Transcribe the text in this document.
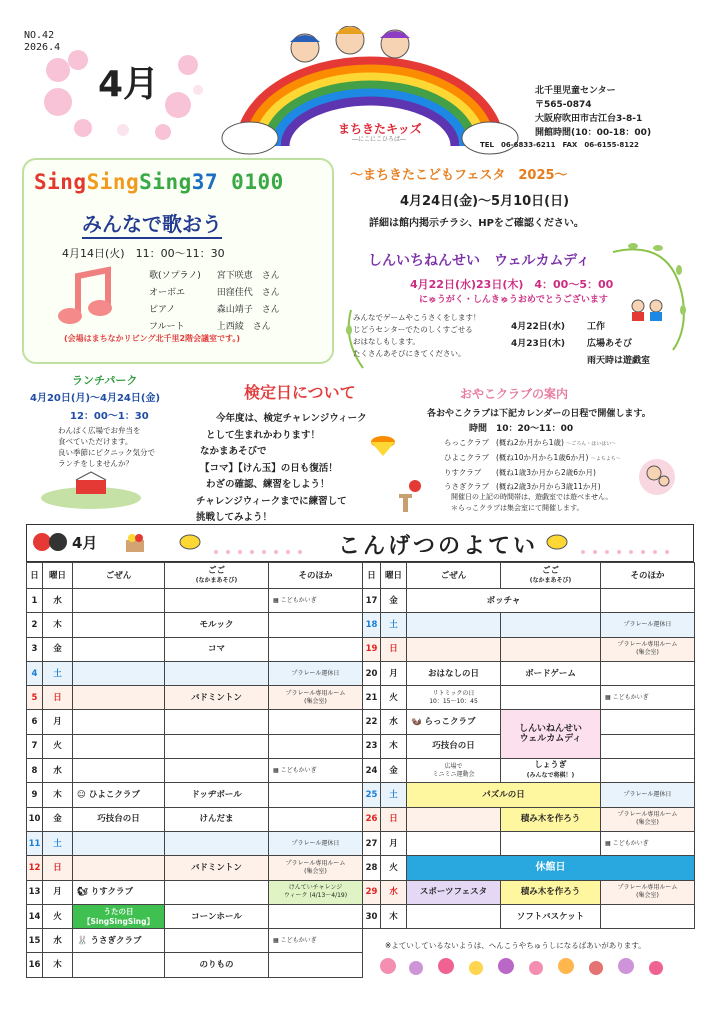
NO.42
2026.4
4月
まちきたキッズ
―にこにこひろば―
北千里児童センター
〒565-0874
大阪府吹田市古江台3-8-1
開館時間(10：00-18：00)
TEL　06-6833-6211　FAX　06-6155-8122
SingSingSing37 0100
みんなで歌おう
4月14日(火)　11：00～11：30
歌(ソプラノ)	宮下咲恵　さん
オーボエ	田窪佳代　さん
ピアノ	森山靖子　さん
フルート	上西綾　さん
(会場はまちなかリビング北千里2階会議室です。)
～まちきたこどもフェスタ　2025～
4月24日(金)～5月10日(日)
詳細は館内掲示チラシ、HPをご確認ください。
しんいちねんせい　ウェルカムディ
4月22日(水)23日(木)　4：00～5：00
にゅうがく・しんきゅうおめでとうございます
みんなでゲームやこうさくをします！
じどうセンターでたのしくすごせる
おはなしもします。
たくさんあそびにきてください。
4月22日(水) 工作
4月23日(木) 広場あそび
雨天時は遊戯室
ランチパーク
4月20日(月)～4月24日(金)
12：00～1：30
わんぱく広場でお弁当を
食べていただけます。
良い季節にピクニック気分で
ランチをしませんか？
検定日について
今年度は、検定チャレンジウィーク
として生まれかわります！
なかまあそびで
【コマ】【けん玉】の日も復活！
わざの確認、練習をしよう！
チャレンジウィークまでに練習して
挑戦してみよう！
おやこクラブの案内
各おやこクラブは下記カレンダーの日程で開催します。
時間　10：20～11：00
らっこクラブ (概ね2か月から1歳) ～ごろん・はいはい～
ひよこクラブ (概ね10か月から1歳6か月) ～よちよち～
りすクラブ (概ね1歳3か月から2歳6か月)
うさぎクラブ (概ね2歳3か月から3歳11か月)
開催日の上記の時間帯は、遊戯室では遊べません。
＊らっこクラブは集会室にて開催します。
4月	こんげつのよてい
日	曜日	ごぜん	ごご
(なかまあそび)	そのほか
1	水			▦ こどもかいぎ
2	木		モルック	
3	金		コマ	
4	土			プラレール運休日
5	日		バドミントン	プラレール専用ルーム
(集会室)
6	月			
7	火			
8	水			▦ こどもかいぎ
9	木	☺ ひよこクラブ	ドッヂボール	
10	金	巧技台の日	けんだま	
11	土			プラレール運休日
12	日		バドミントン	プラレール専用ルーム
(集会室)
13	月	🐿 りすクラブ		けんていチャレンジ
ウィーク (4/13～4/19)
14	火	うたの日
【SingSingSing】	コーンホール	
15	水	🐰 うさぎクラブ		▦ こどもかいぎ
16	木		のりもの	
日	曜日	ごぜん	ごご
(なかまあそび)	そのほか
17	金	ボッチャ		
18	土			プラレール運休日
19	日			プラレール専用ルーム
(集会室)
20	月	おはなしの日	ボードゲーム	
21	火	リトミックの日
10：15～10：45		▦ こどもかいぎ
22	水	🦦 らっこクラブ	しんいねんせい
ウェルカムディ	
23	木	巧技台の日		
24	金	広場で
ミニミニ運動会	しょうぎ
(みんなで将棋！)	
25	土	パズルの日		プラレール運休日
26	日		積み木を作ろう	プラレール専用ルーム
(集会室)
27	月			▦ こどもかいぎ
28	火	休館日		
29	水	スポーツフェスタ	積み木を作ろう	プラレール専用ルーム
(集会室)
30	木		ソフトバスケット	
※よていしているないようは、へんこうやちゅうしになるばあいがあります。
